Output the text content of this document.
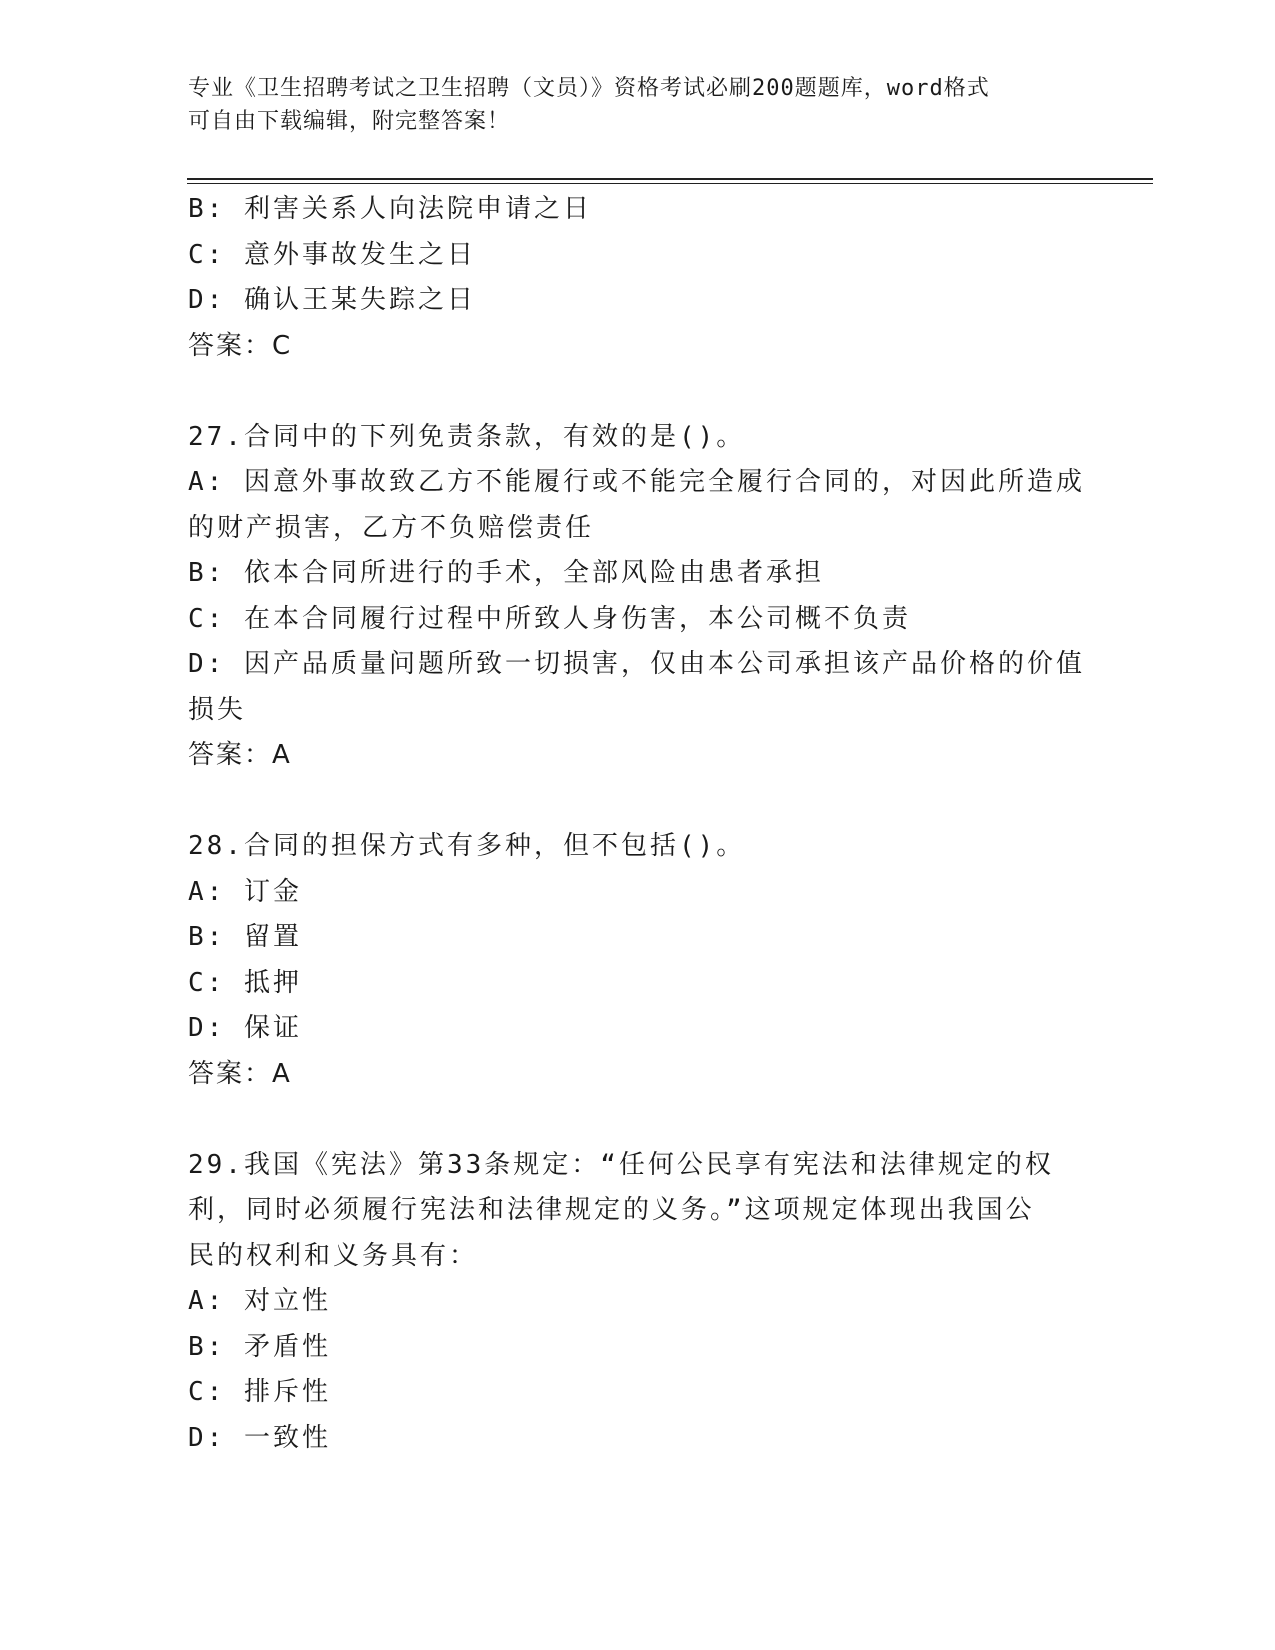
专业《卫生招聘考试之卫生招聘（文员）》资格考试必刷200题题库，word格式
可自由下载编辑，附完整答案！
B: 利害关系人向法院申请之日
C: 意外事故发生之日
D: 确认王某失踪之日
答案：C
27.合同中的下列免责条款，有效的是()。
A: 因意外事故致乙方不能履行或不能完全履行合同的，对因此所造成
的财产损害，乙方不负赔偿责任
B: 依本合同所进行的手术，全部风险由患者承担
C: 在本合同履行过程中所致人身伤害，本公司概不负责
D: 因产品质量问题所致一切损害，仅由本公司承担该产品价格的价值
损失
答案：A
28.合同的担保方式有多种，但不包括()。
A: 订金
B: 留置
C: 抵押
D: 保证
答案：A
29.我国《宪法》第33条规定：“任何公民享有宪法和法律规定的权
利，同时必须履行宪法和法律规定的义务。”这项规定体现出我国公
民的权利和义务具有：
A: 对立性
B: 矛盾性
C: 排斥性
D: 一致性
